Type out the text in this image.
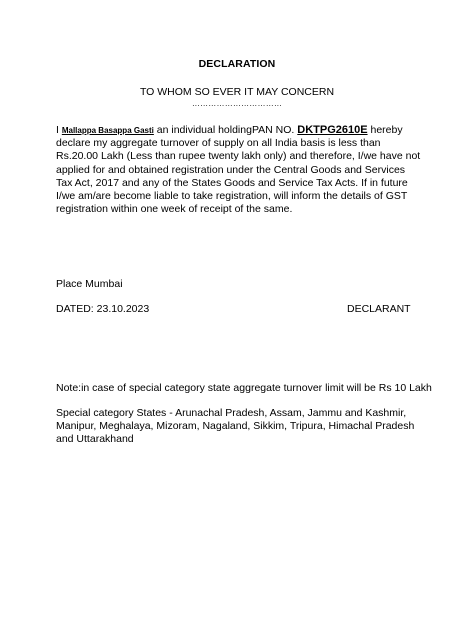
DECLARATION
TO WHOM SO EVER IT MAY CONCERN
……………………………

I Mallappa Basappa Gasti an individual holdingPAN NO. DKTPG2610E hereby declare my aggregate turnover of supply on all India basis is less than Rs.20.00 Lakh (Less than rupee twenty lakh only) and therefore, I/we have not applied for and obtained registration under the Central Goods and Services Tax Act, 2017 and any of the States Goods and Service Tax Acts. If in future I/we am/are become liable to take registration, will inform the details of GST registration within one week of receipt of the same.

Place Mumbai
DATED: 23.10.2023	DECLARANT

Note:in case of special category state aggregate turnover limit will be Rs 10 Lakh

Special category States - Arunachal Pradesh, Assam, Jammu and Kashmir, Manipur, Meghalaya, Mizoram, Nagaland, Sikkim, Tripura, Himachal Pradesh and Uttarakhand
